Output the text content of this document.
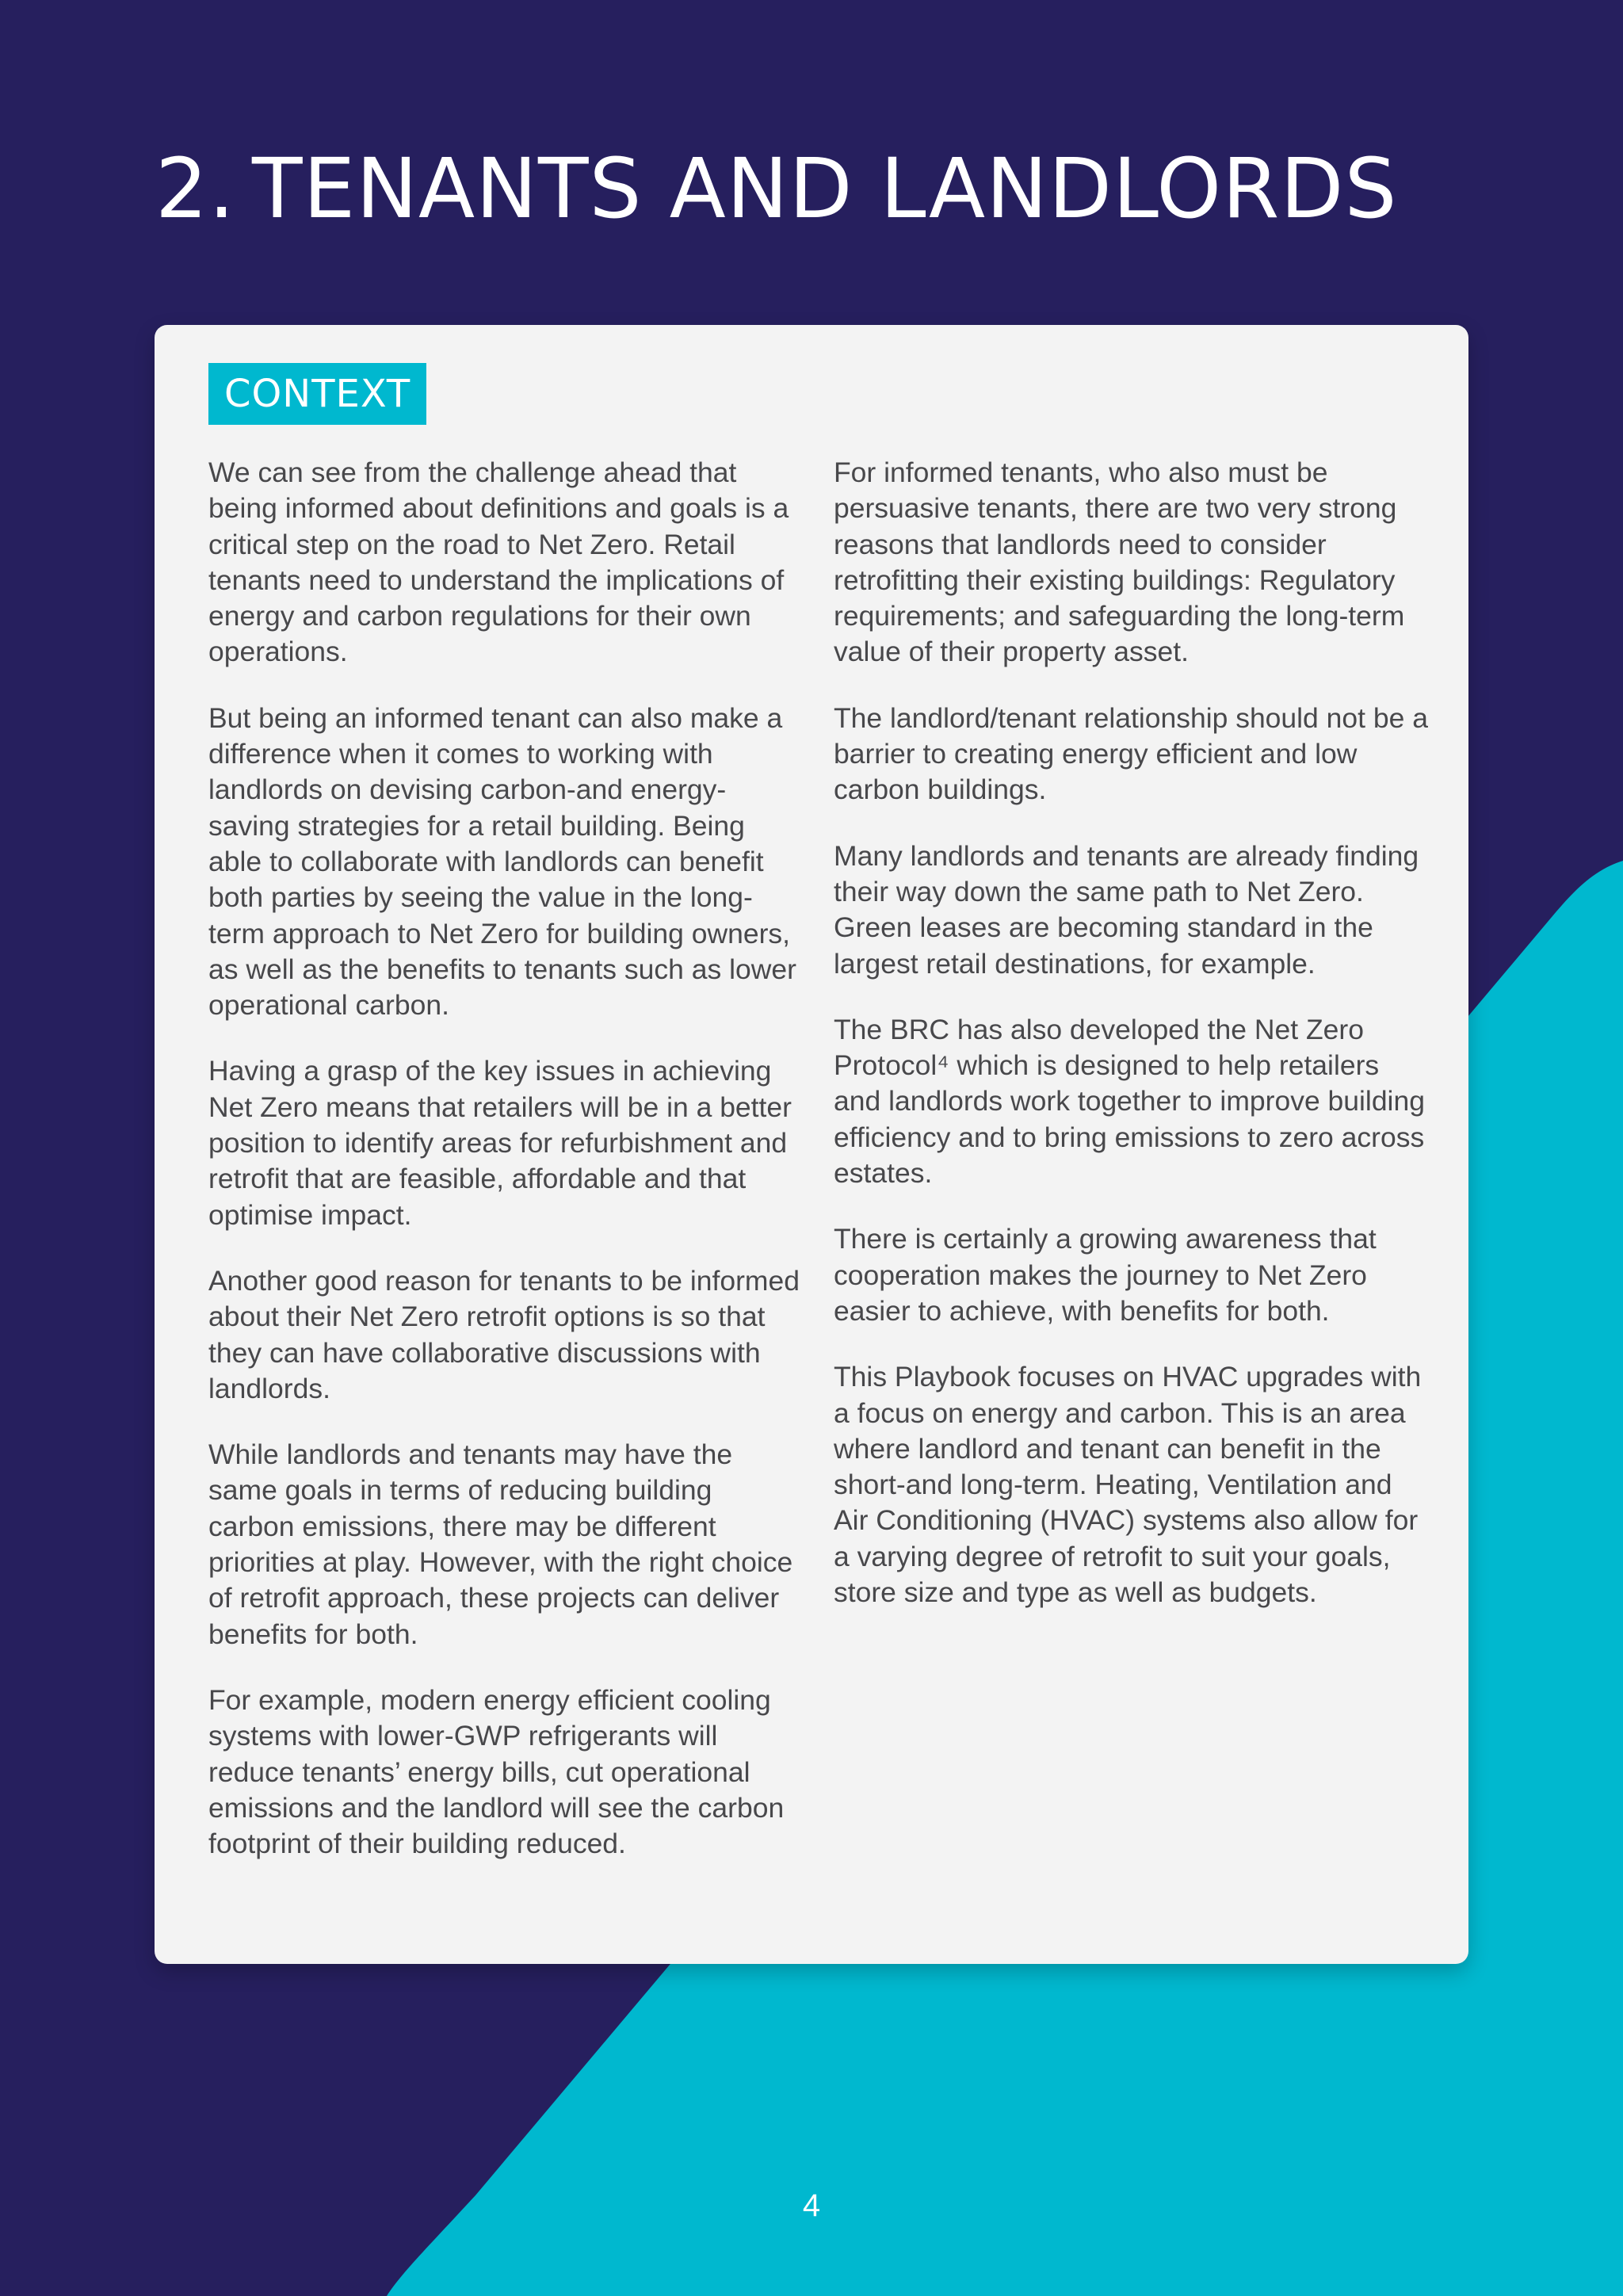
2. TENANTS AND LANDLORDS
CONTEXT

We can see from the challenge ahead that being informed about definitions and goals is a critical step on the road to Net Zero. Retail tenants need to understand the implications of energy and carbon regulations for their own operations.

But being an informed tenant can also make a difference when it comes to working with landlords on devising carbon-and energy-saving strategies for a retail building. Being able to collaborate with landlords can benefit both parties by seeing the value in the long-term approach to Net Zero for building owners, as well as the benefits to tenants such as lower operational carbon.

Having a grasp of the key issues in achieving Net Zero means that retailers will be in a better position to identify areas for refurbishment and retrofit that are feasible, affordable and that optimise impact.

Another good reason for tenants to be informed about their Net Zero retrofit options is so that they can have collaborative discussions with landlords.

While landlords and tenants may have the same goals in terms of reducing building carbon emissions, there may be different priorities at play. However, with the right choice of retrofit approach, these projects can deliver benefits for both.

For example, modern energy efficient cooling systems with lower-GWP refrigerants will reduce tenants’ energy bills, cut operational emissions and the landlord will see the carbon footprint of their building reduced.

For informed tenants, who also must be persuasive tenants, there are two very strong reasons that landlords need to consider retrofitting their existing buildings: Regulatory requirements; and safeguarding the long-term value of their property asset.

The landlord/tenant relationship should not be a barrier to creating energy efficient and low carbon buildings.

Many landlords and tenants are already finding their way down the same path to Net Zero. Green leases are becoming standard in the largest retail destinations, for example.

The BRC has also developed the Net Zero Protocol⁴ which is designed to help retailers and landlords work together to improve building efficiency and to bring emissions to zero across estates.

There is certainly a growing awareness that cooperation makes the journey to Net Zero easier to achieve, with benefits for both.

This Playbook focuses on HVAC upgrades with a focus on energy and carbon. This is an area where landlord and tenant can benefit in the short-and long-term. Heating, Ventilation and Air Conditioning (HVAC) systems also allow for a varying degree of retrofit to suit your goals, store size and type as well as budgets.

4
